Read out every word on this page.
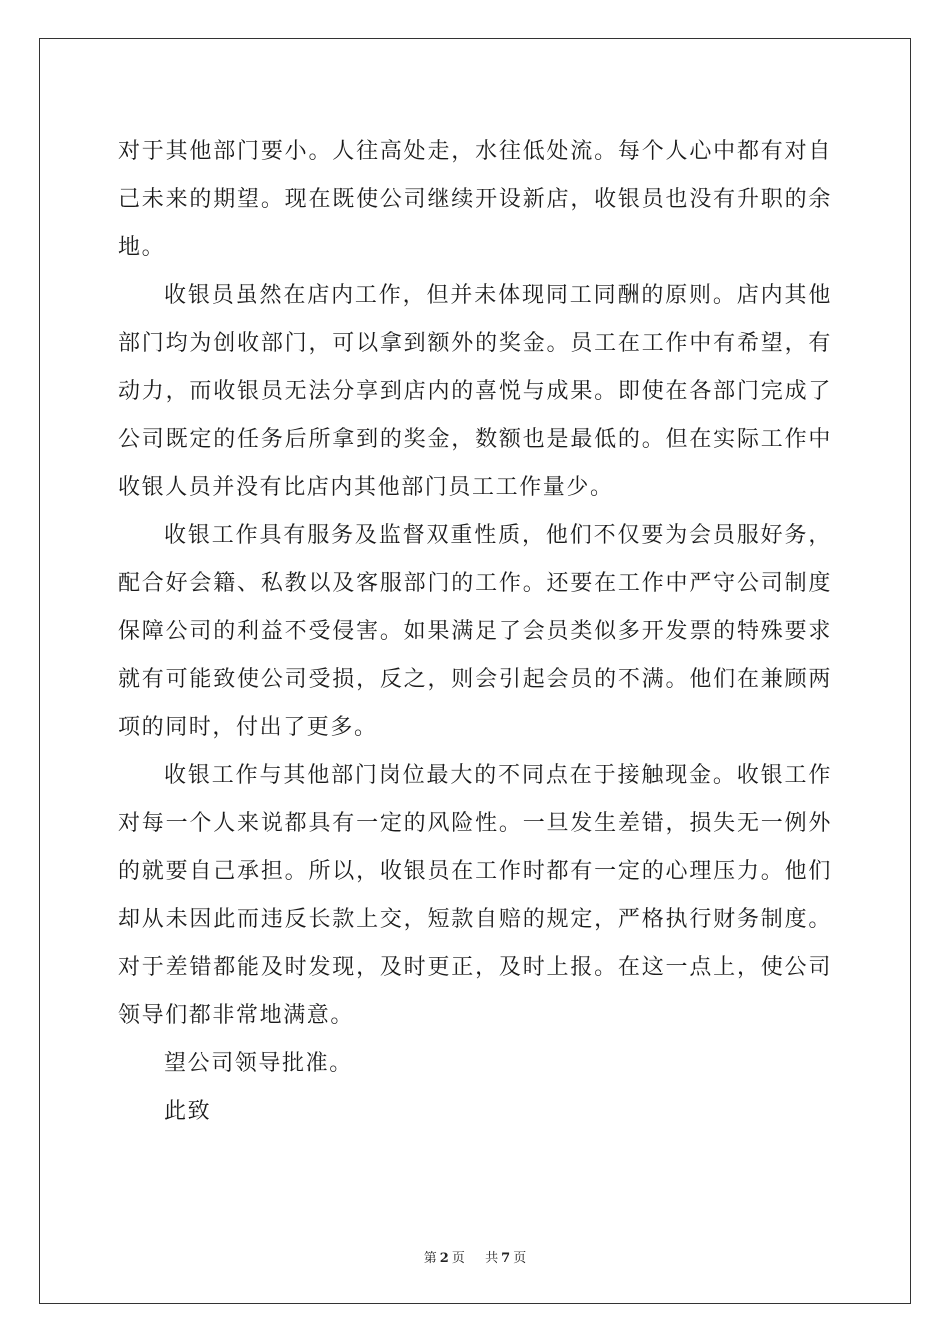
对于其他部门要小。人往高处走，水往低处流。每个人心中都有对自己未来的期望。现在既使公司继续开设新店，收银员也没有升职的余地。

收银员虽然在店内工作，但并未体现同工同酬的原则。店内其他部门均为创收部门，可以拿到额外的奖金。员工在工作中有希望，有动力，而收银员无法分享到店内的喜悦与成果。即使在各部门完成了公司既定的任务后所拿到的奖金，数额也是最低的。但在实际工作中收银人员并没有比店内其他部门员工工作量少。

收银工作具有服务及监督双重性质，他们不仅要为会员服好务，配合好会籍、私教以及客服部门的工作。还要在工作中严守公司制度保障公司的利益不受侵害。如果满足了会员类似多开发票的特殊要求就有可能致使公司受损，反之，则会引起会员的不满。他们在兼顾两项的同时，付出了更多。

收银工作与其他部门岗位最大的不同点在于接触现金。收银工作对每一个人来说都具有一定的风险性。一旦发生差错，损失无一例外的就要自己承担。所以，收银员在工作时都有一定的心理压力。他们却从未因此而违反长款上交，短款自赔的规定，严格执行财务制度。对于差错都能及时发现，及时更正，及时上报。在这一点上，使公司领导们都非常地满意。

望公司领导批准。

此致

第 2 页 共 7 页
